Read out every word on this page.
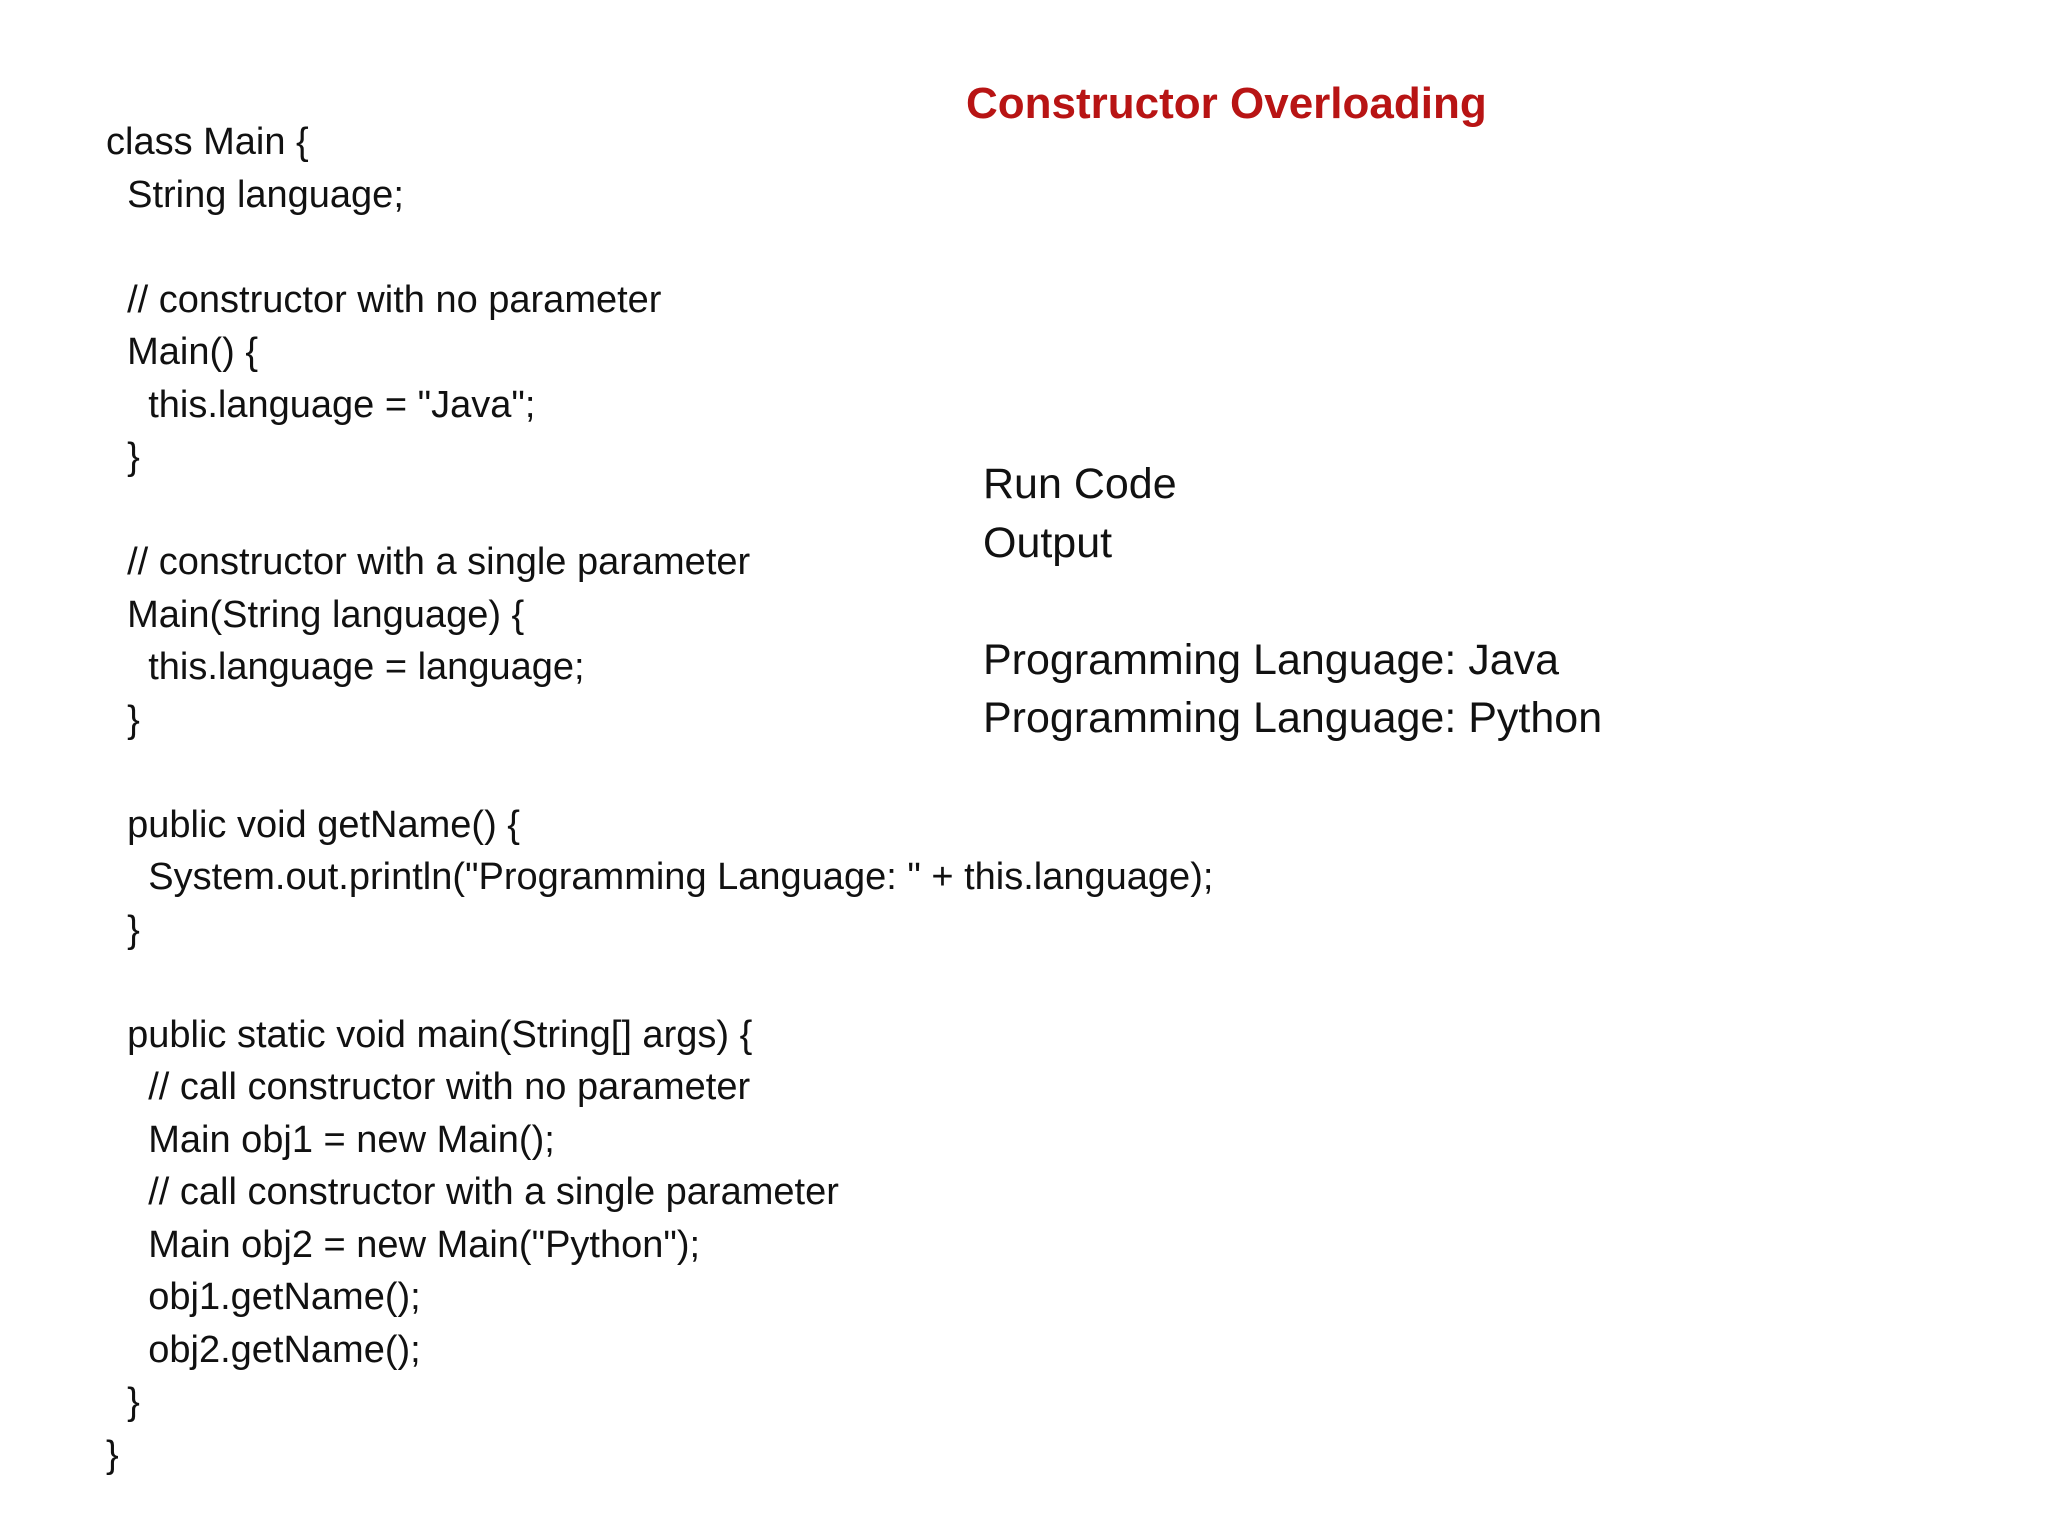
Constructor Overloading
class Main {
String language;
// constructor with no parameter
Main() {
this.language = "Java";
}
// constructor with a single parameter
Main(String language) {
this.language = language;
}
public void getName() {
System.out.println("Programming Language: " + this.language);
}
public static void main(String[] args) {
// call constructor with no parameter
Main obj1 = new Main();
// call constructor with a single parameter
Main obj2 = new Main("Python");
obj1.getName();
obj2.getName();
}
}
Run Code
Output
Programming Language: Java
Programming Language: Python
